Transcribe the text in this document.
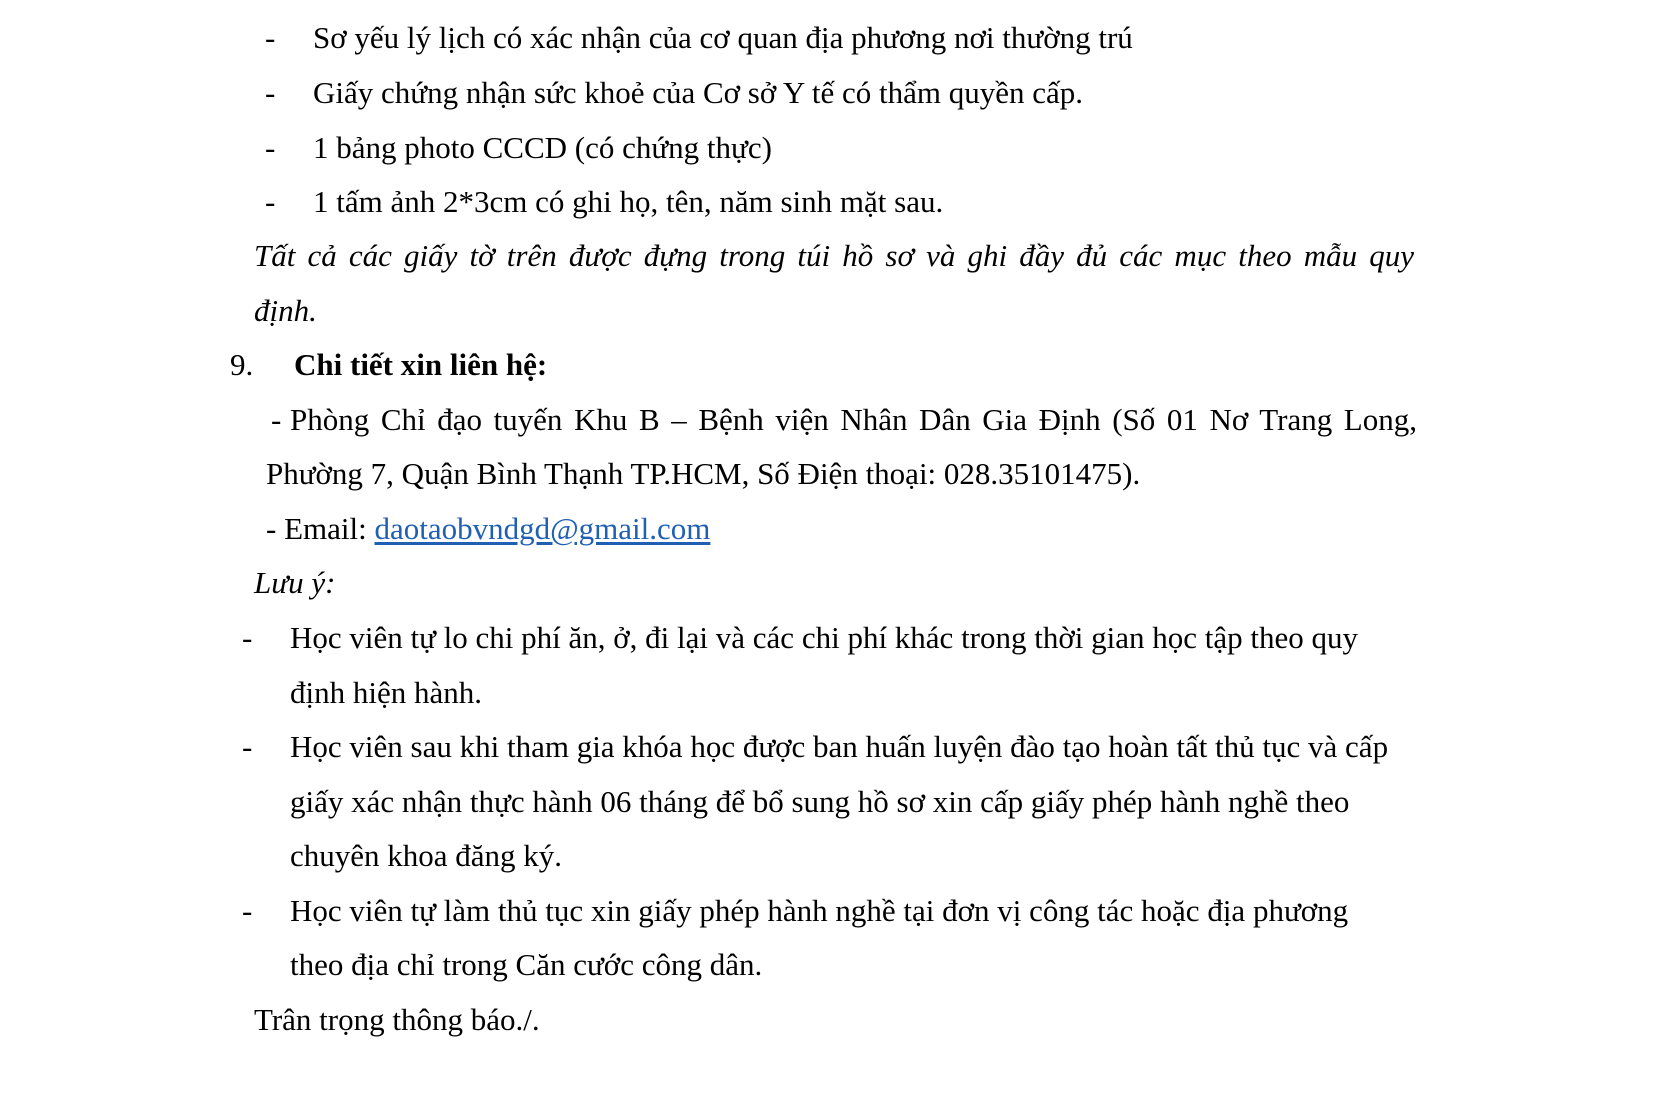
- Sơ yếu lý lịch có xác nhận của cơ quan địa phương nơi thường trú
- Giấy chứng nhận sức khoẻ của Cơ sở Y tế có thẩm quyền cấp.
- 1 bảng photo CCCD (có chứng thực)
- 1 tấm ảnh 2*3cm có ghi họ, tên, năm sinh mặt sau.
Tất cả các giấy tờ trên được đựng trong túi hồ sơ và ghi đầy đủ các mục theo mẫu quy
định.
9. Chi tiết xin liên hệ:
- Phòng Chỉ đạo tuyến Khu B – Bệnh viện Nhân Dân Gia Định (Số 01 Nơ Trang Long,
Phường 7, Quận Bình Thạnh TP.HCM, Số Điện thoại: 028.35101475).
- Email: daotaobvndgd@gmail.com
Lưu ý:
- Học viên tự lo chi phí ăn, ở, đi lại và các chi phí khác trong thời gian học tập theo quy
định hiện hành.
- Học viên sau khi tham gia khóa học được ban huấn luyện đào tạo hoàn tất thủ tục và cấp
giấy xác nhận thực hành 06 tháng để bổ sung hồ sơ xin cấp giấy phép hành nghề theo
chuyên khoa đăng ký.
- Học viên tự làm thủ tục xin giấy phép hành nghề tại đơn vị công tác hoặc địa phương
theo địa chỉ trong Căn cước công dân.
Trân trọng thông báo./.
